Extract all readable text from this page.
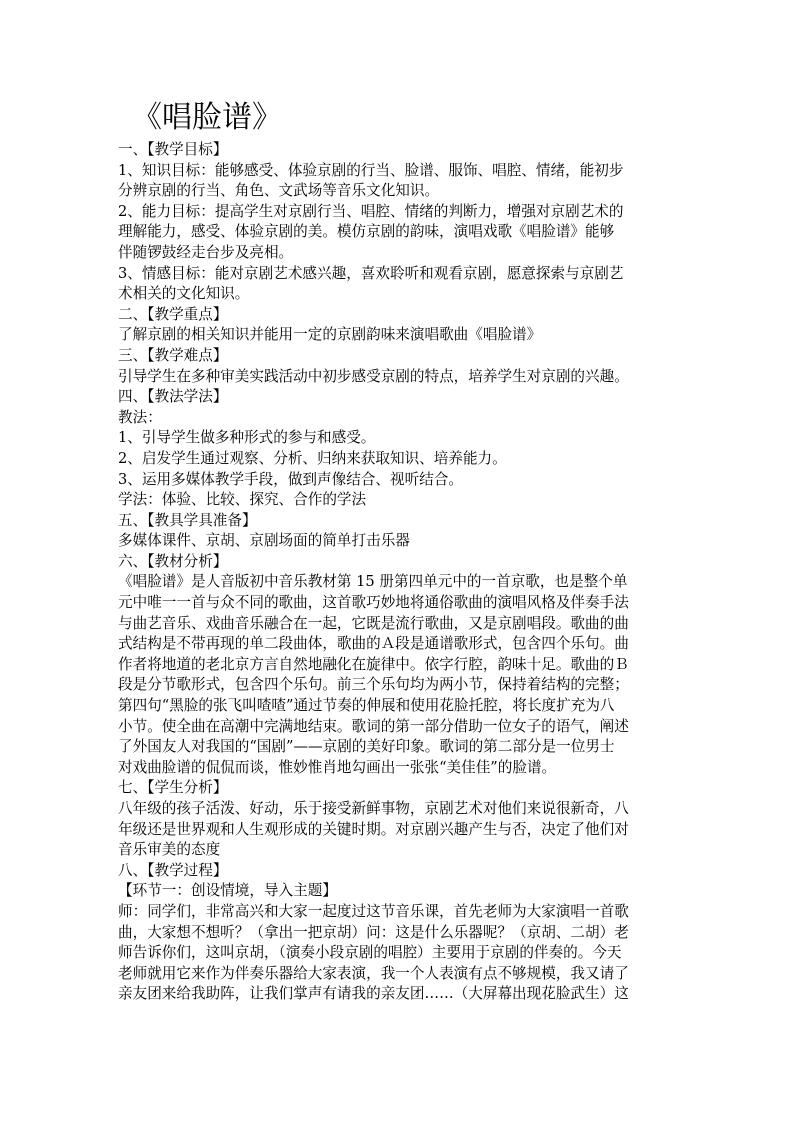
《唱脸谱》
一、【教学目标】
1、知识目标：能够感受、体验京剧的行当、脸谱、服饰、唱腔、情绪，能初步
分辨京剧的行当、角色、文武场等音乐文化知识。
2、能力目标：提高学生对京剧行当、唱腔、情绪的判断力，增强对京剧艺术的
理解能力，感受、体验京剧的美。模仿京剧的韵味，演唱戏歌《唱脸谱》能够
伴随锣鼓经走台步及亮相。
3、情感目标：能对京剧艺术感兴趣，喜欢聆听和观看京剧，愿意探索与京剧艺
术相关的文化知识。
二、【教学重点】
了解京剧的相关知识并能用一定的京剧韵味来演唱歌曲《唱脸谱》
三、【教学难点】
引导学生在多种审美实践活动中初步感受京剧的特点，培养学生对京剧的兴趣。
四、【教法学法】
教法：
1、引导学生做多种形式的参与和感受。
2、启发学生通过观察、分析、归纳来获取知识、培养能力。
3、运用多媒体教学手段，做到声像结合、视听结合。
学法：体验、比较、探究、合作的学法
五、【教具学具准备】
多媒体课件、京胡、京剧场面的简单打击乐器
六、【教材分析】
《唱脸谱》是人音版初中音乐教材第 15 册第四单元中的一首京歌，也是整个单
元中唯一一首与众不同的歌曲，这首歌巧妙地将通俗歌曲的演唱风格及伴奏手法
与曲艺音乐、戏曲音乐融合在一起，它既是流行歌曲，又是京剧唱段。歌曲的曲
式结构是不带再现的单二段曲体，歌曲的Ａ段是通谱歌形式，包含四个乐句。曲
作者将地道的老北京方言自然地融化在旋律中。依字行腔，韵味十足。歌曲的Ｂ
段是分节歌形式，包含四个乐句。前三个乐句均为两小节，保持着结构的完整；
第四句“黑脸的张飞叫喳喳”通过节奏的伸展和使用花脸托腔，将长度扩充为八
小节。使全曲在高潮中完满地结束。歌词的第一部分借助一位女子的语气，阐述
了外国友人对我国的“国剧”——京剧的美好印象。歌词的第二部分是一位男士
对戏曲脸谱的侃侃而谈，惟妙惟肖地勾画出一张张“美佳佳”的脸谱。
七、【学生分析】
八年级的孩子活泼、好动，乐于接受新鲜事物，京剧艺术对他们来说很新奇，八
年级还是世界观和人生观形成的关键时期。对京剧兴趣产生与否，决定了他们对
音乐审美的态度
八、【教学过程】
【环节一：创设情境，导入主题】
师：同学们，非常高兴和大家一起度过这节音乐课，首先老师为大家演唱一首歌
曲，大家想不想听？（拿出一把京胡）问：这是什么乐器呢？（京胡、二胡）老
师告诉你们，这叫京胡，（演奏小段京剧的唱腔）主要用于京剧的伴奏的。今天
老师就用它来作为伴奏乐器给大家表演，我一个人表演有点不够规模，我又请了
亲友团来给我助阵，让我们掌声有请我的亲友团……（大屏幕出现花脸武生）这
